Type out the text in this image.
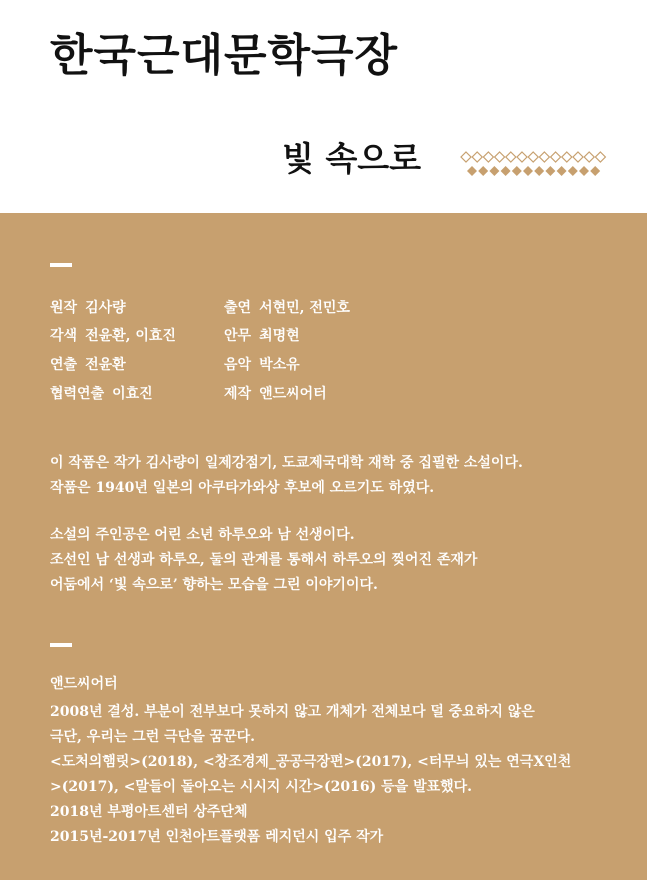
한국근대문학극장
빛 속으로
원작 김사량
각색 전윤환, 이효진
연출 전윤환
협력연출 이효진
출연 서현민, 전민호
안무 최명현
음악 박소유
제작 앤드씨어터
이 작품은 작가 김사량이 일제강점기, 도쿄제국대학 재학 중 집필한 소설이다.
작품은 1940년 일본의 아쿠타가와상 후보에 오르기도 하였다.
소설의 주인공은 어린 소년 하루오와 남 선생이다.
조선인 남 선생과 하루오, 둘의 관계를 통해서 하루오의 찢어진 존재가
어둠에서 ‘빛 속으로’ 향하는 모습을 그린 이야기이다.

앤드씨어터

2008년 결성. 부분이 전부보다 못하지 않고 개체가 전체보다 덜 중요하지 않은
극단, 우리는 그런 극단을 꿈꾼다.
<도처의햄릿>(2018), <창조경제_공공극장편>(2017), <터무늬 있는 연극X인천
>(2017), <말들이 돌아오는 시시지 시간>(2016) 등을 발표했다.
2018년 부평아트센터 상주단체
2015년-2017년 인천아트플랫폼 레지던시 입주 작가
